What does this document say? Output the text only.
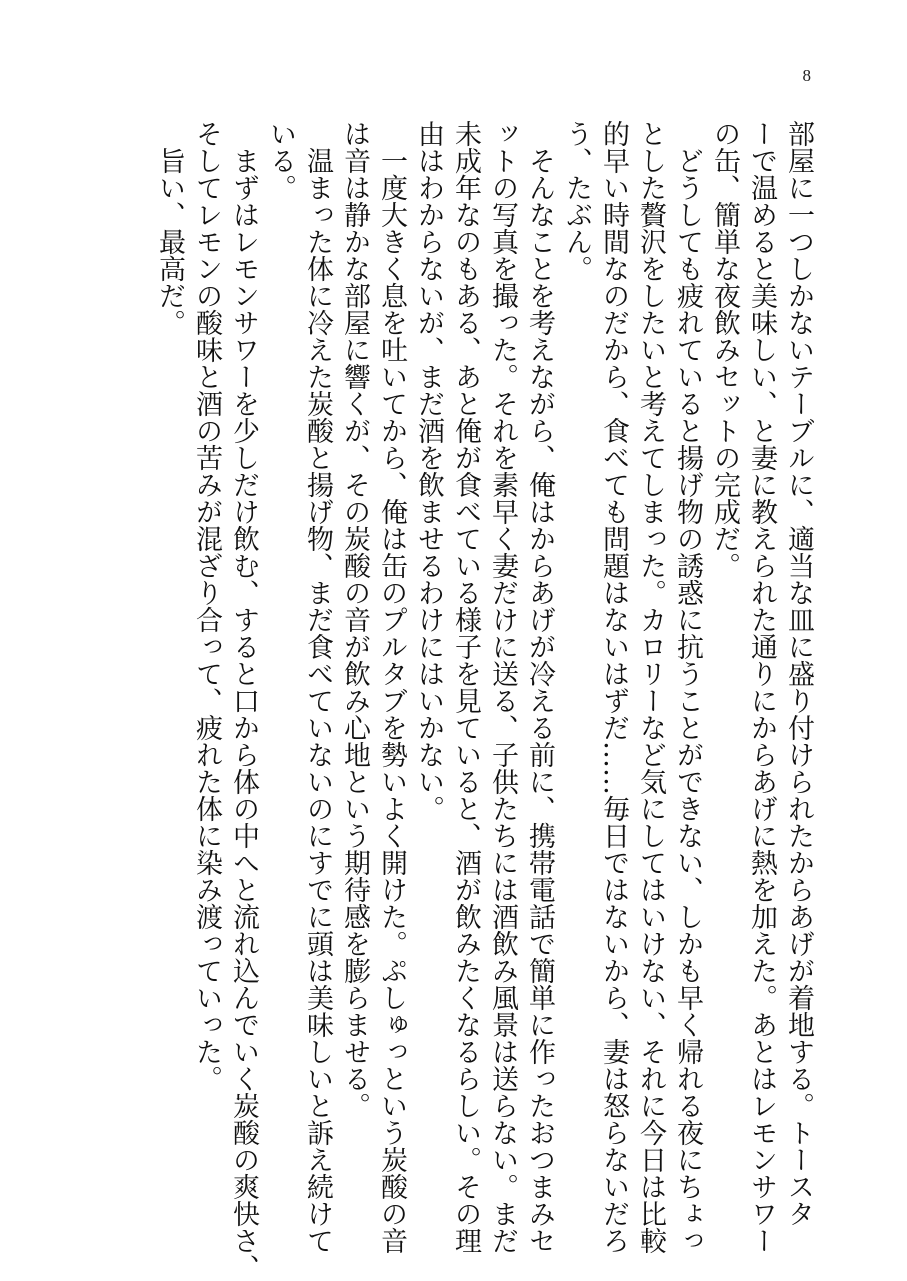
8

部屋に一つしかないテーブルに、適当な皿に盛り付けられたからあげが着地する。トースタ

ーで温めると美味しい、と妻に教えられた通りにからあげに熱を加えた。あとはレモンサワー

の缶、簡単な夜飲みセットの完成だ。

　どうしても疲れていると揚げ物の誘惑に抗うことができない、しかも早く帰れる夜にちょっ

とした贅沢をしたいと考えてしまった。カロリーなど気にしてはいけない、それに今日は比較

的早い時間なのだから、食べても問題はないはずだ……毎日ではないから、妻は怒らないだろ

う、たぶん。

　そんなことを考えながら、俺はからあげが冷える前に、携帯電話で簡単に作ったおつまみセ

ットの写真を撮った。それを素早く妻だけに送る、子供たちには酒飲み風景は送らない。まだ

未成年なのもある、あと俺が食べている様子を見ていると、酒が飲みたくなるらしい。その理

由はわからないが、まだ酒を飲ませるわけにはいかない。

　一度大きく息を吐いてから、俺は缶のプルタブを勢いよく開けた。ぷしゅっという炭酸の音

は音は静かな部屋に響くが、その炭酸の音が飲み心地という期待感を膨らませる。

　温まった体に冷えた炭酸と揚げ物、まだ食べていないのにすでに頭は美味しいと訴え続けて

いる。

　まずはレモンサワーを少しだけ飲む、すると口から体の中へと流れ込んでいく炭酸の爽快さ、

そしてレモンの酸味と酒の苦みが混ざり合って、疲れた体に染み渡っていった。

　旨い、最高だ。
